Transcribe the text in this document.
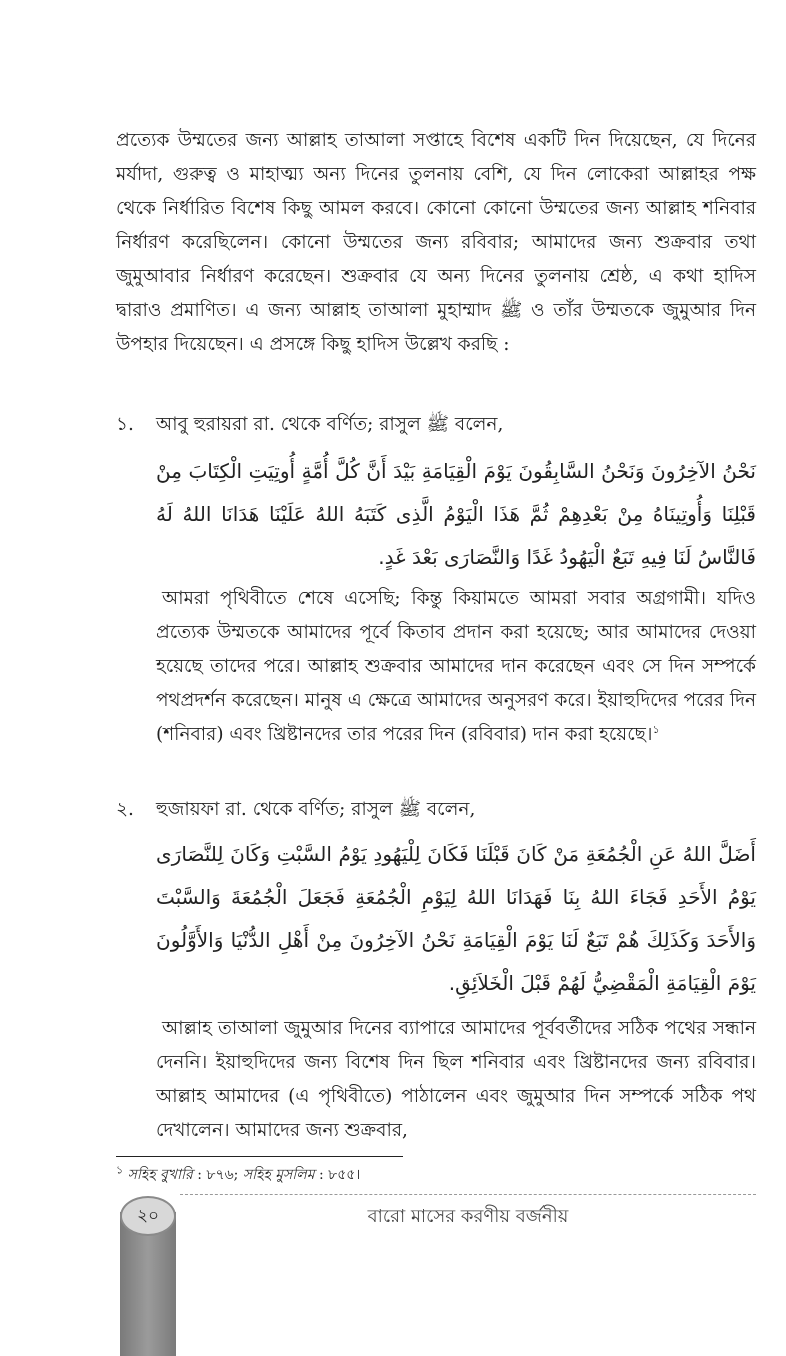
প্রত্যেক উম্মতের জন্য আল্লাহ তাআলা সপ্তাহে বিশেষ একটি দিন দিয়েছেন, যে দিনের মর্যাদা, গুরুত্ব ও মাহাত্ম্য অন্য দিনের তুলনায় বেশি, যে দিন লোকেরা আল্লাহর পক্ষ থেকে নির্ধারিত বিশেষ কিছু আমল করবে। কোনো কোনো উম্মতের জন্য আল্লাহ শনিবার নির্ধারণ করেছিলেন। কোনো উম্মতের জন্য রবিবার; আমাদের জন্য শুক্রবার তথা জুমুআবার নির্ধারণ করেছেন। শুক্রবার যে অন্য দিনের তুলনায় শ্রেষ্ঠ, এ কথা হাদিস দ্বারাও প্রমাণিত। এ জন্য আল্লাহ তাআলা মুহাম্মাদ ﷺ ও তাঁর উম্মতকে জুমুআর দিন উপহার দিয়েছেন। এ প্রসঙ্গে কিছু হাদিস উল্লেখ করছি :

১. আবু হুরায়রা রা. থেকে বর্ণিত; রাসুল ﷺ বলেন,

نَحْنُ الآخِرُونَ وَنَحْنُ السَّابِقُونَ يَوْمَ الْقِيَامَةِ بَيْدَ أَنَّ كُلَّ أُمَّةٍ أُوتِيَتِ الْكِتَابَ مِنْ قَبْلِنَا وَأُوتِينَاهُ مِنْ بَعْدِهِمْ ثُمَّ هَذَا الْيَوْمُ الَّذِى كَتَبَهُ اللهُ عَلَيْنَا هَدَانَا اللهُ لَهُ فَالنَّاسُ لَنَا فِيهِ تَبَعٌ الْيَهُودُ غَدًا وَالنَّصَارَى بَعْدَ غَدٍ.

আমরা পৃথিবীতে শেষে এসেছি; কিন্তু কিয়ামতে আমরা সবার অগ্রগামী। যদিও প্রত্যেক উম্মতকে আমাদের পূর্বে কিতাব প্রদান করা হয়েছে; আর আমাদের দেওয়া হয়েছে তাদের পরে। আল্লাহ শুক্রবার আমাদের দান করেছেন এবং সে দিন সম্পর্কে পথপ্রদর্শন করেছেন। মানুষ এ ক্ষেত্রে আমাদের অনুসরণ করে। ইয়াহুদিদের পরের দিন (শনিবার) এবং খ্রিষ্টানদের তার পরের দিন (রবিবার) দান করা হয়েছে।$^১$

২. হুজায়ফা রা. থেকে বর্ণিত; রাসুল ﷺ বলেন,

أَضَلَّ اللهُ عَنِ الْجُمُعَةِ مَنْ كَانَ قَبْلَنَا فَكَانَ لِلْيَهُودِ يَوْمُ السَّبْتِ وَكَانَ لِلنَّصَارَى يَوْمُ الأَحَدِ فَجَاءَ اللهُ بِنَا فَهَدَانَا اللهُ لِيَوْمِ الْجُمُعَةِ فَجَعَلَ الْجُمُعَةَ وَالسَّبْتَ وَالأَحَدَ وَكَذَلِكَ هُمْ تَبَعٌ لَنَا يَوْمَ الْقِيَامَةِ نَحْنُ الآخِرُونَ مِنْ أَهْلِ الدُّنْيَا وَالأَوَّلُونَ يَوْمَ الْقِيَامَةِ الْمَقْضِيُّ لَهُمْ قَبْلَ الْخَلاَئِقِ.

আল্লাহ তাআলা জুমুআর দিনের ব্যাপারে আমাদের পূর্ববর্তীদের সঠিক পথের সন্ধান দেননি। ইয়াহুদিদের জন্য বিশেষ দিন ছিল শনিবার এবং খ্রিষ্টানদের জন্য রবিবার। আল্লাহ আমাদের (এ পৃথিবীতে) পাঠালেন এবং জুমুআর দিন সম্পর্কে সঠিক পথ দেখালেন। আমাদের জন্য শুক্রবার,

$^১$ সহিহ বুখারি : ৮৭৬; সহিহ মুসলিম : ৮৫৫।

২০	বারো মাসের করণীয় বর্জনীয়
